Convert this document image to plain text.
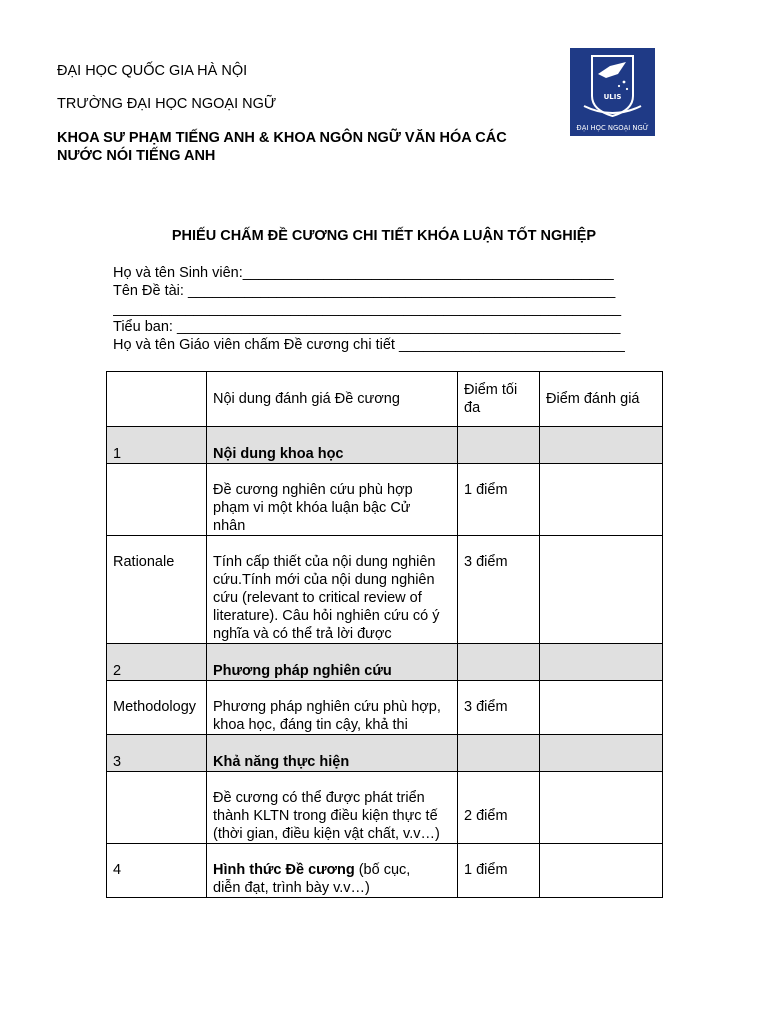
ĐẠI HỌC QUỐC GIA HÀ NỘI
TRƯỜNG ĐẠI HỌC NGOẠI NGỮ
KHOA SƯ PHẠM TIẾNG ANH & KHOA NGÔN NGỮ VĂN HÓA CÁC
NƯỚC NÓI TIẾNG ANH
ULIS
ĐẠI HỌC NGOẠI NGỮ
PHIẾU CHẤM ĐỀ CƯƠNG CHI TIẾT KHÓA LUẬN TỐT NGHIỆP
Họ và tên Sinh viên:______________________________________________
Tên Đề tài: _____________________________________________________
_______________________________________________________________
Tiểu ban: _______________________________________________________
Họ và tên Giáo viên chấm Đề cương chi tiết ____________________________
	Nội dung đánh giá Đề cương	Điểm tối
đa	Điểm đánh giá
1	Nội dung khoa học		

	Đề cương nghiên cứu phù hợp
phạm vi một khóa luận bậc Cử
nhân	1 điểm	
Rationale	Tính cấp thiết của nội dung nghiên
cứu.Tính mới của nội dung nghiên
cứu (relevant to critical review of
literature). Câu hỏi nghiên cứu có ý
nghĩa và có thể trả lời được	3 điểm	
2	Phương pháp nghiên cứu		
Methodology	Phương pháp nghiên cứu phù hợp,
khoa học, đáng tin cậy, khả thi	3 điểm	
3	Khả năng thực hiện		

	Đề cương có thể được phát triển
thành KLTN trong điều kiện thực tế
(thời gian, điều kiện vật chất, v.v…)	2 điểm	
4	Hình thức Đề cương (bố cục,
diễn đạt, trình bày v.v…)	1 điểm	
